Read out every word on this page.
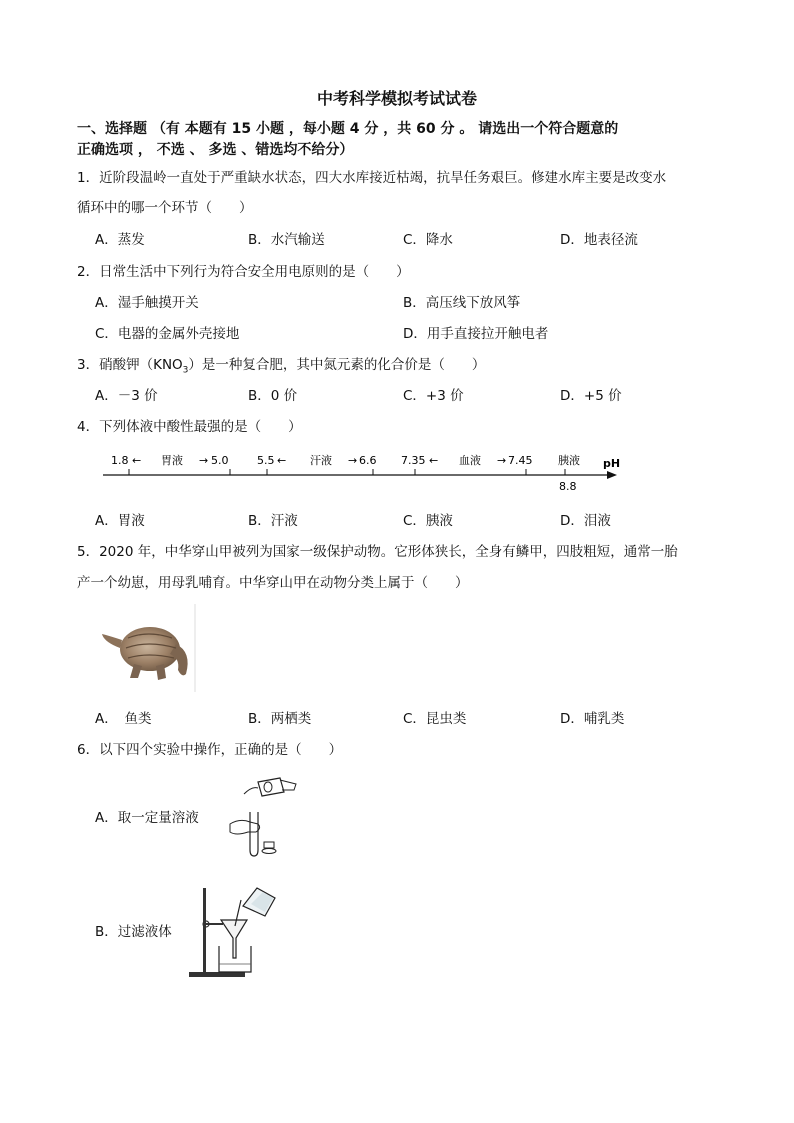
中考科学模拟考试试卷
一、选择题 （有 本题有 15 小题 ，每小题 4 分 ，共 60 分 。 请选出一个符合题意的
正确选项 ， 不选 、 多选 、错选均不给分）
1．近阶段温岭一直处于严重缺水状态，四大水库接近枯竭，抗旱任务艰巨。修建水库主要是改变水
循环中的哪一个环节（　　）
A．蒸发	B．水汽输送	C．降水	D．地表径流
2．日常生活中下列行为符合安全用电原则的是（　　）
A．湿手触摸开关	B．高压线下放风筝
C．电器的金属外壳接地	D．用手直接拉开触电者
3．硝酸钾$(KNO_3)$是一种复合肥，其中氮元素的化合价是（　　）
A．－3 价	B．0 价	C．+3 价	D．+5 价
4．下列体液中酸性最强的是（　　）
1.8 ← 胃液 → 5.0	5.5 ← 汗液 → 6.6 7.35 ← 血液 → 7.45 胰液
8.8
pH
A．胃液	B．汗液	C．胰液	D．泪液
5．2020 年，中华穿山甲被列为国家一级保护动物。它形体狭长，全身有鳞甲，四肢粗短，通常一胎
产一个幼崽，用母乳哺育。中华穿山甲在动物分类上属于（　　）
A．　鱼类	B．两栖类	C．昆虫类	D．哺乳类
6．以下四个实验中操作，正确的是（　　）
A．取一定量溶液
B．过滤液体
